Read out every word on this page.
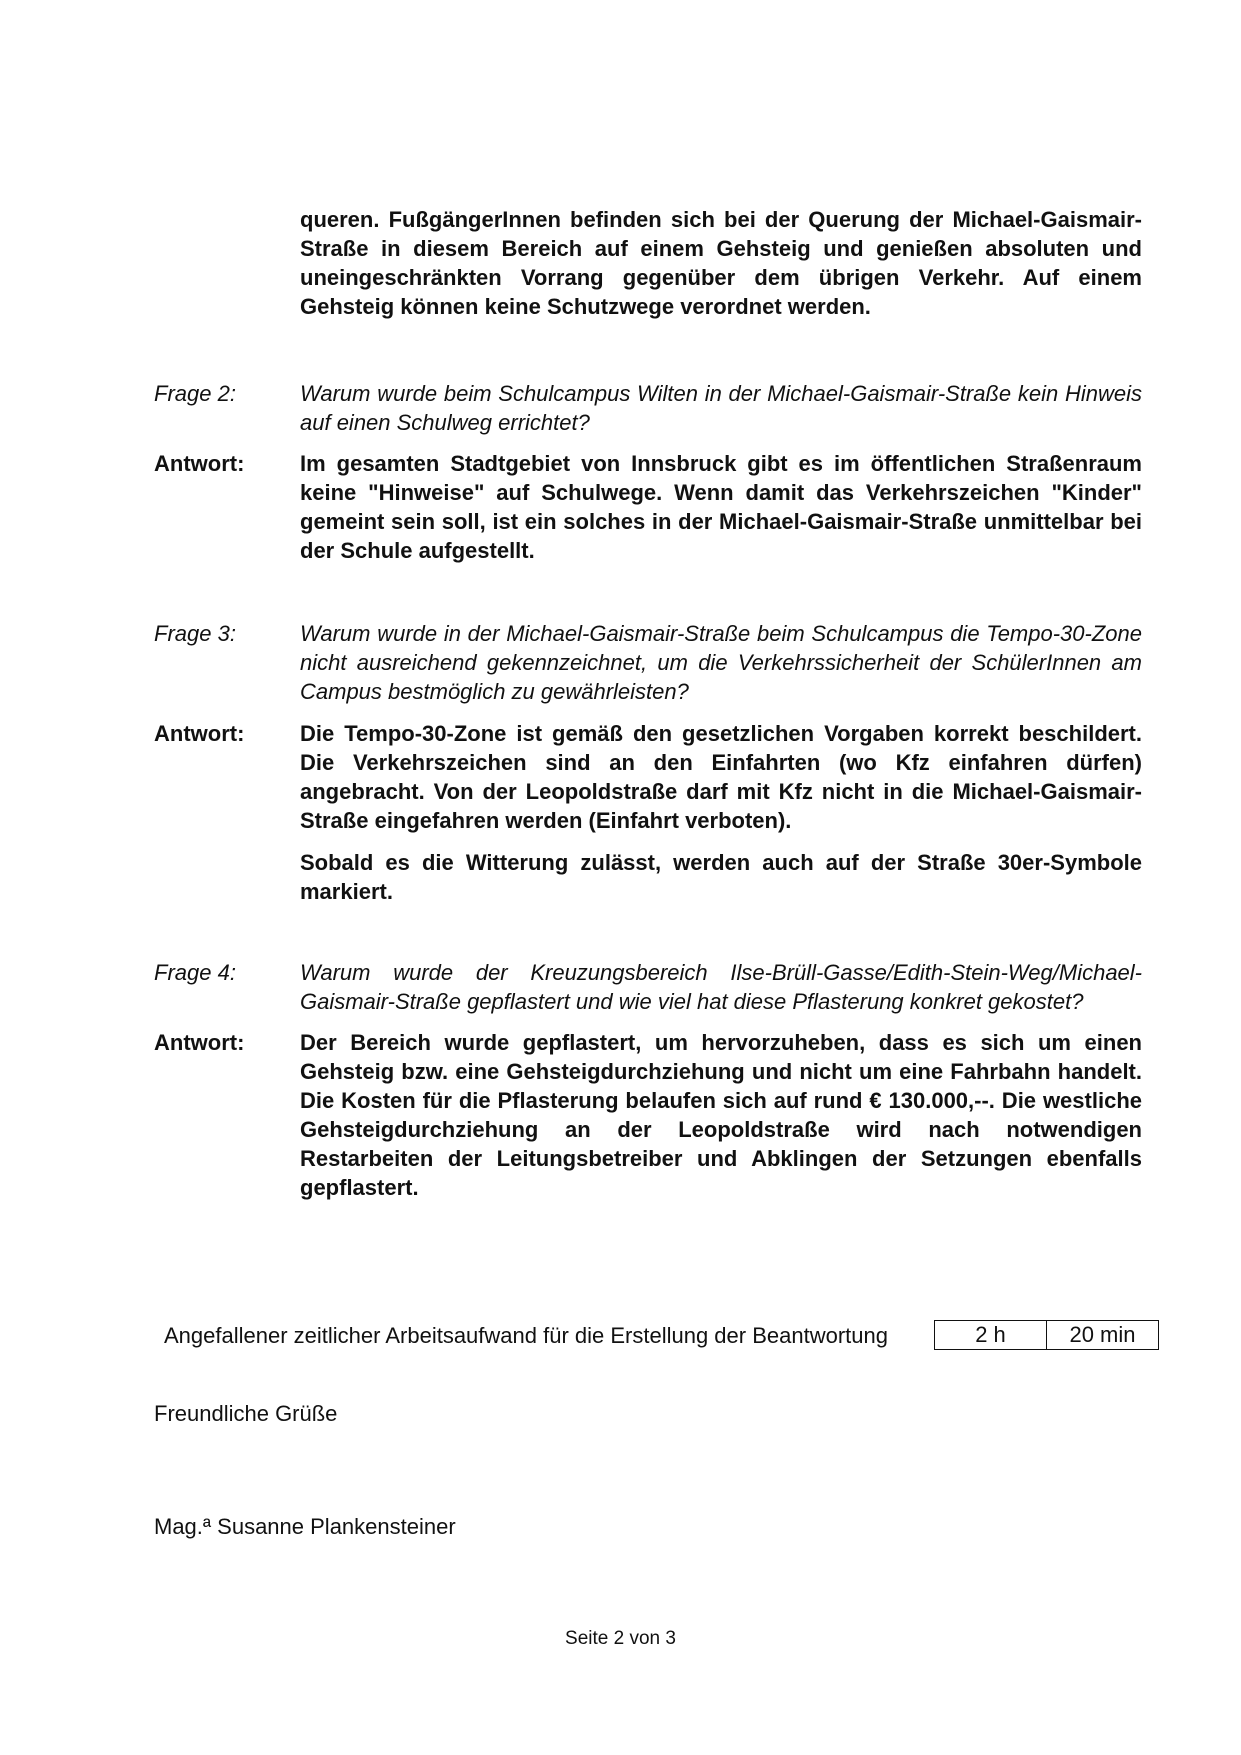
queren. FußgängerInnen befinden sich bei der Querung der Michael-Gaismair-Straße in diesem Bereich auf einem Gehsteig und genießen absoluten und uneingeschränkten Vorrang gegenüber dem übrigen Verkehr. Auf einem Gehsteig können keine Schutzwege verordnet werden.

Frage 2:	Warum wurde beim Schulcampus Wilten in der Michael-Gaismair-Straße kein Hinweis auf einen Schulweg errichtet?
Antwort:	Im gesamten Stadtgebiet von Innsbruck gibt es im öffentlichen Straßenraum keine "Hinweise" auf Schulwege. Wenn damit das Verkehrszeichen "Kinder" gemeint sein soll, ist ein solches in der Michael-Gaismair-Straße unmittelbar bei der Schule aufgestellt.

Frage 3:	Warum wurde in der Michael-Gaismair-Straße beim Schulcampus die Tempo-30-Zone nicht ausreichend gekennzeichnet, um die Verkehrssicherheit der SchülerInnen am Campus bestmöglich zu gewährleisten?
Antwort:	Die Tempo-30-Zone ist gemäß den gesetzlichen Vorgaben korrekt beschildert. Die Verkehrszeichen sind an den Einfahrten (wo Kfz einfahren dürfen) angebracht. Von der Leopoldstraße darf mit Kfz nicht in die Michael-Gaismair-Straße eingefahren werden (Einfahrt verboten).

Sobald es die Witterung zulässt, werden auch auf der Straße 30er-Symbole markiert.

Frage 4:	Warum wurde der Kreuzungsbereich Ilse-Brüll-Gasse/Edith-Stein-Weg/Michael-Gaismair-Straße gepflastert und wie viel hat diese Pflasterung konkret gekostet?
Antwort:	Der Bereich wurde gepflastert, um hervorzuheben, dass es sich um einen Gehsteig bzw. eine Gehsteigdurchziehung und nicht um eine Fahrbahn handelt. Die Kosten für die Pflasterung belaufen sich auf rund € 130.000,--. Die westliche Gehsteigdurchziehung an der Leopoldstraße wird nach notwendigen Restarbeiten der Leitungsbetreiber und Abklingen der Setzungen ebenfalls gepflastert.

Angefallener zeitlicher Arbeitsaufwand für die Erstellung der Beantwortung	2 h	20 min
Freundliche Grüße
Mag.ª Susanne Plankensteiner
Seite 2 von 3
